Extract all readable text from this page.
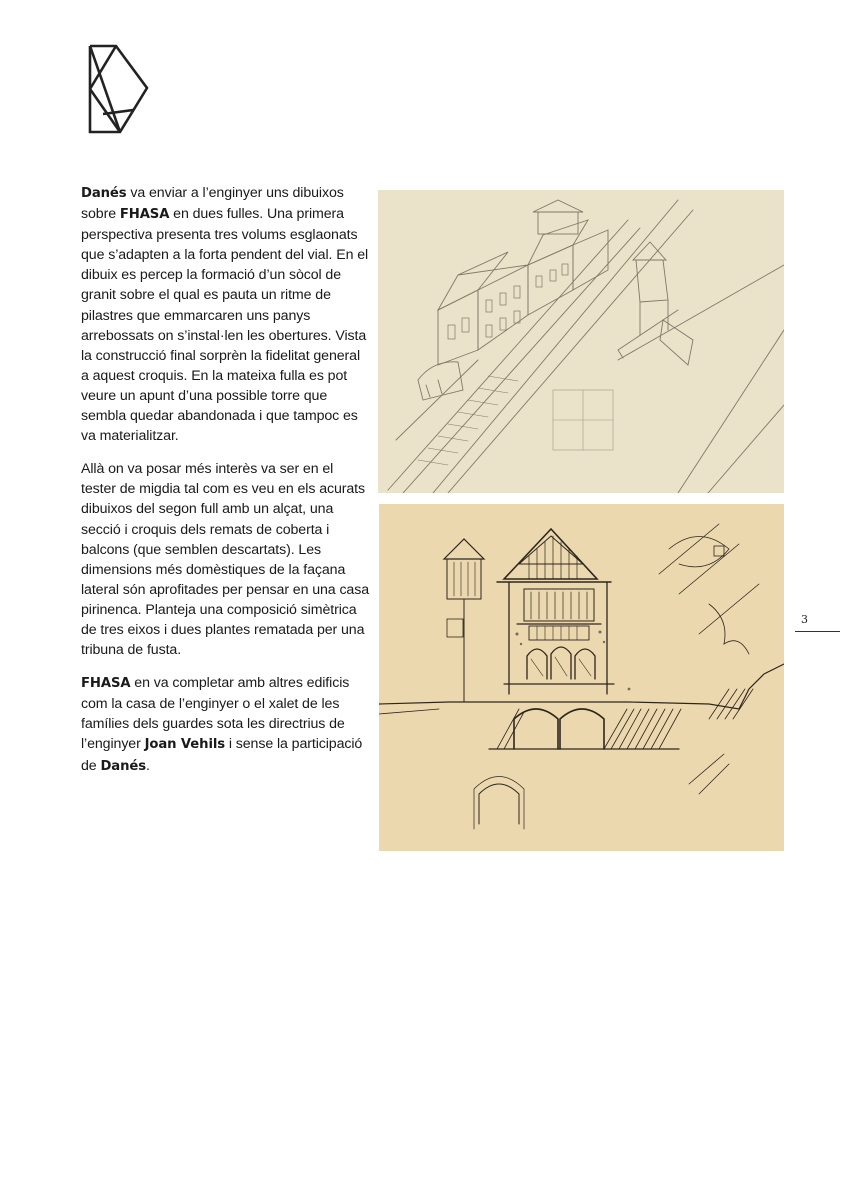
Danés va enviar a l’enginyer uns dibuixos sobre FHASA en dues fulles. Una primera perspectiva presenta tres volums esglaonats que s’adapten a la forta pendent del vial. En el dibuix es percep la formació d’un sòcol de granit sobre el qual es pauta un ritme de pilastres que emmarcaren uns panys arrebossats on s’instal·len les obertures. Vista la construcció final sorprèn la fidelitat general a aquest croquis. En la mateixa fulla es pot veure un apunt d’una possible torre que sembla quedar abandonada i que tampoc es va materialitzar.

Allà on va posar més interès va ser en el tester de migdia tal com es veu en els acurats dibuixos del segon full amb un alçat, una secció i croquis dels remats de coberta i balcons (que semblen descartats). Les dimensions més domèstiques de la façana lateral són aprofitades per pensar en una casa pirinenca. Planteja una composició simètrica de tres eixos i dues plantes rematada per una tribuna de fusta.

FHASA en va completar amb altres edificis com la casa de l’enginyer o el xalet de les famílies dels guardes sota les directrius de l’enginyer Joan Vehils i sense la participació de Danés.

3
